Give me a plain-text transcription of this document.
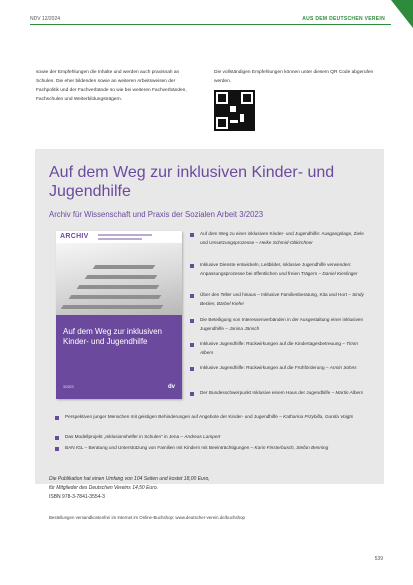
NDV 12/2024	AUS DEM DEUTSCHEN VEREIN
sowie der Empfehlungen die Inhalte und werden auch praxisnah an Schulen. Die eher bildenden sowie an weiteren Arbeitsweisen der Fachpolitik und der Fachverbände so wie bei weiteren Fachverbänden, Fachschulen und Weiterbildungsträgern.
Die vollständigen Empfehlungen können unter diesem QR Code abgerufen werden.
Auf dem Weg zur inklusiven Kinder- und Jugendhilfe
Archiv für Wissenschaft und Praxis der Sozialen Arbeit 3/2023
ARCHIV
Auf dem Weg zur inklusiven Kinder- und Jugendhilfe
3/2023	dv
Auf dem Weg zu einer inklusiven Kinder- und Jugendhilfe: Ausgangslage, Ziele und Umsetzungsprozesse – Heike Schmid-Obkirchner
Inklusive Dienste entwickeln, Leitbilder, inklusive Jugendhilfe verwenden: Anpassungsprozesse bei öffentlichen und freien Trägern – Daniel Kieslinger
Über den Teller und hinaus – Inklusive Familienberatung, Kita und Hort – Sindy Becker, Bärbel Kiefer
Die Beteiligung von Interessenverbänden in der Ausgestaltung einer inklusiven Jugendhilfe – Janina Jänsch
Inklusive Jugendhilfe: Rückwirkungen auf die Kindertagesbetreuung – Timm Albers
Inklusive Jugendhilfe: Rückwirkungen auf die Frühförderung – Armin Sohns
Der Bundesschwerpunkt Inklusive einem Haus der Jugendhilfe – Martin Albers
Perspektiven junger Menschen mit geistigen Behinderungen auf Angebote der Kinder- und Jugendhilfe – Katharina Przybilla, Gunda Voigts
Das Modellprojekt „Inklusionshelfer in Schulen“ in Jena – Andreas Lampert
BAN IGL – Beratung und Unterstützung von Familien mit Kindern mit Beeinträchtigungen – Karin Finsterbusch, Stefan Benning
Die Publikation hat einen Umfang von 104 Seiten und kostet 18,00 Euro,
für Mitglieder des Deutschen Vereins 14,50 Euro.
ISBN 978-3-7841-3554-3
Bestellungen versandkostenfrei im Internet im Online-Buchshop: www.deutscher-verein.de/buchshop
539
